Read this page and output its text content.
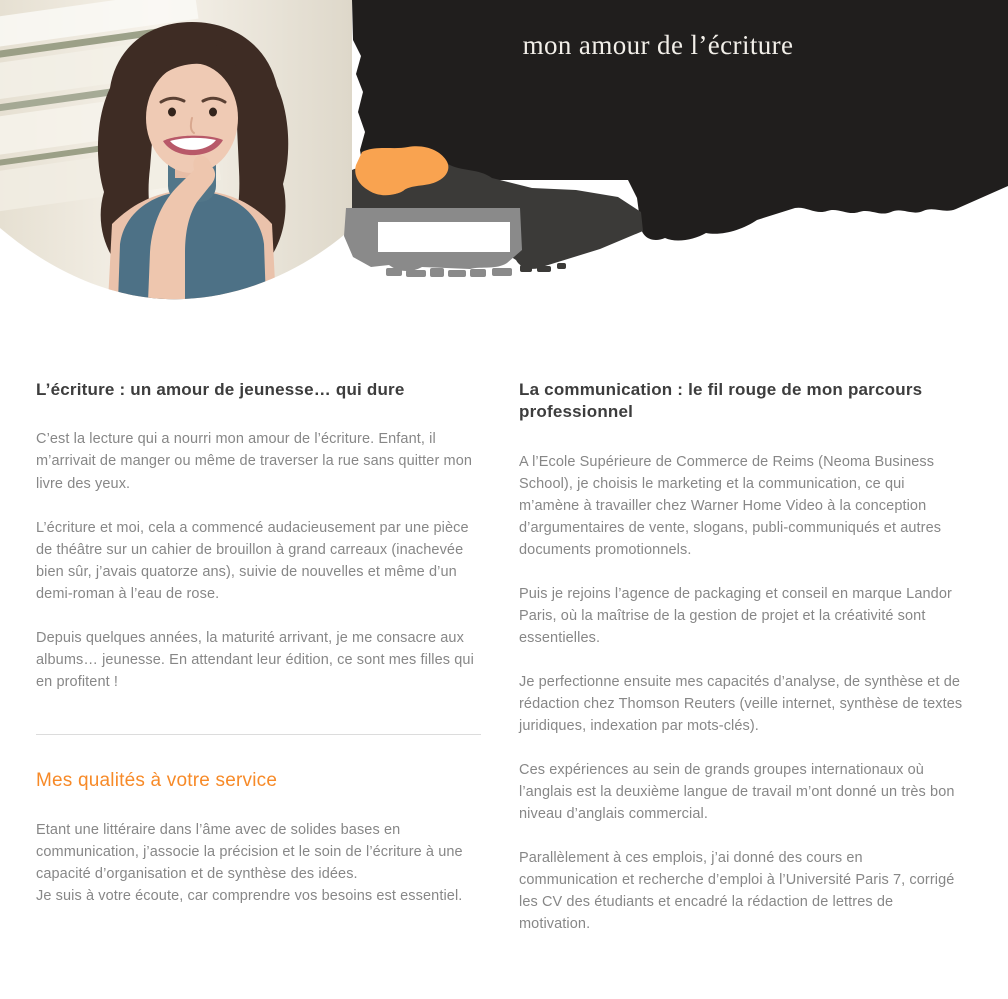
mon amour de l’écriture
L’écriture : un amour de jeunesse… qui dure

C’est la lecture qui a nourri mon amour de l’écriture. Enfant, il m’arrivait de manger ou même de traverser la rue sans quitter mon livre des yeux.

L’écriture et moi, cela a commencé audacieusement par une pièce de théâtre sur un cahier de brouillon à grand carreaux (inachevée bien sûr, j’avais quatorze ans), suivie de nouvelles et même d’un demi-roman à l’eau de rose.

Depuis quelques années, la maturité arrivant, je me consacre aux albums… jeunesse. En attendant leur édition, ce sont mes filles qui en profitent !

Mes qualités à votre service

Etant une littéraire dans l’âme avec de solides bases en communication, j’associe la précision et le soin de l’écriture à une capacité d’organisation et de synthèse des idées.
Je suis à votre écoute, car comprendre vos besoins est essentiel.

La communication : le fil rouge de mon parcours professionnel

A l’Ecole Supérieure de Commerce de Reims (Neoma Business School), je choisis le marketing et la communication, ce qui m’amène à travailler chez Warner Home Video à la conception d’argumentaires de vente, slogans, publi-communiqués et autres documents promotionnels.

Puis je rejoins l’agence de packaging et conseil en marque Landor Paris, où la maîtrise de la gestion de projet et la créativité sont essentielles.

Je perfectionne ensuite mes capacités d’analyse, de synthèse et de rédaction chez Thomson Reuters (veille internet, synthèse de textes juridiques, indexation par mots-clés).

Ces expériences au sein de grands groupes internationaux où l’anglais est la deuxième langue de travail m’ont donné un très bon niveau d’anglais commercial.

Parallèlement à ces emplois, j’ai donné des cours en communication et recherche d’emploi à l’Université Paris 7, corrigé les CV des étudiants et encadré la rédaction de lettres de motivation.
